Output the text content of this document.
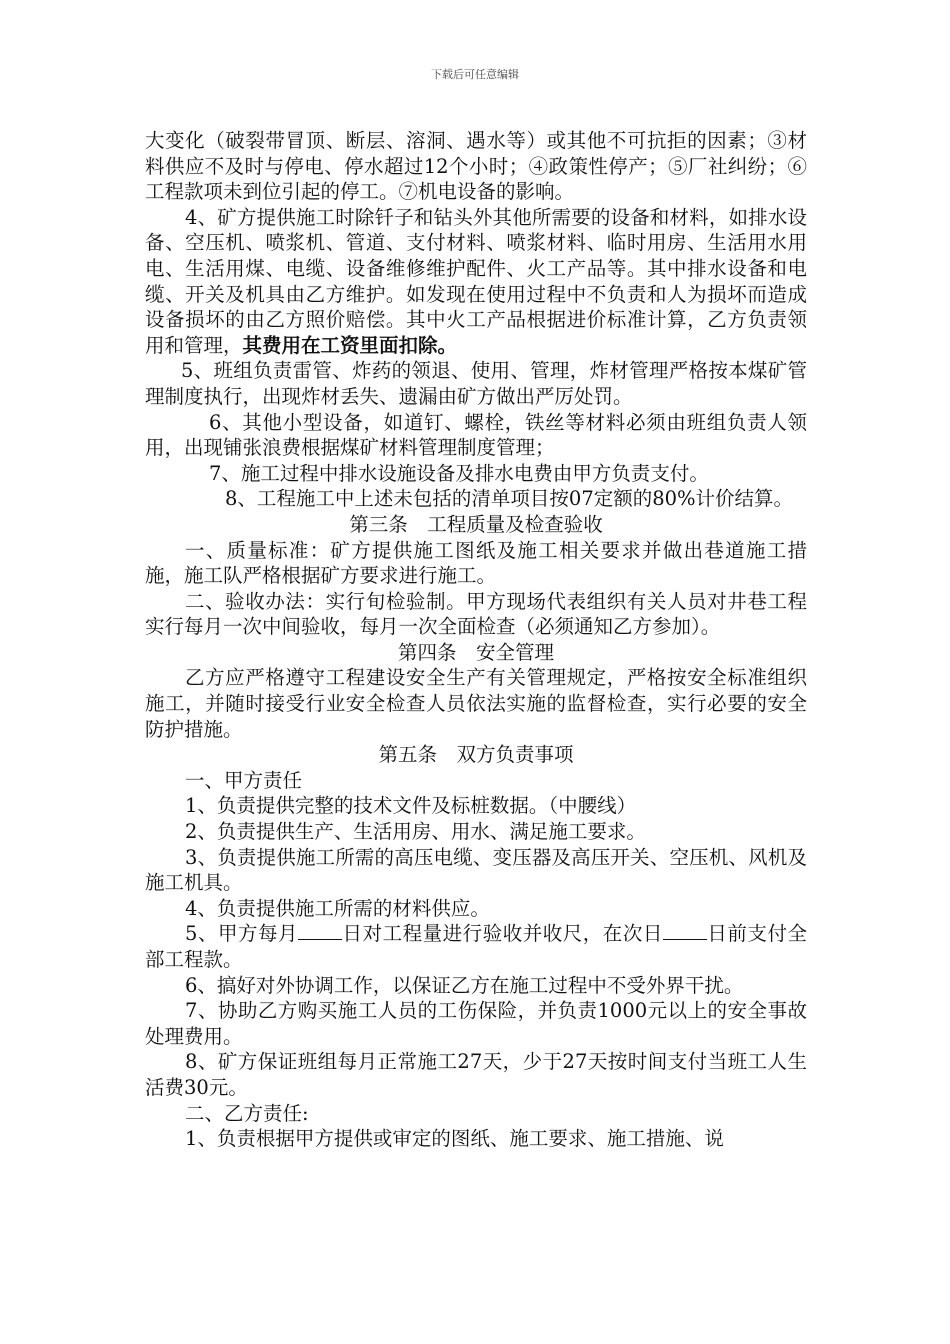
下载后可任意编辑

大变化（破裂带冒顶、断层、溶洞、遇水等）或其他不可抗拒的因素；③材料供应不及时与停电、停水超过12个小时；④政策性停产；⑤厂社纠纷；⑥工程款项未到位引起的停工。⑦机电设备的影响。

4、矿方提供施工时除钎子和钻头外其他所需要的设备和材料，如排水设备、空压机、喷浆机、管道、支付材料、喷浆材料、临时用房、生活用水用电、生活用煤、电缆、设备维修维护配件、火工产品等。其中排水设备和电缆、开关及机具由乙方维护。如发现在使用过程中不负责和人为损坏而造成设备损坏的由乙方照价赔偿。其中火工产品根据进价标准计算，乙方负责领用和管理，其费用在工资里面扣除。

5、班组负责雷管、炸药的领退、使用、管理，炸材管理严格按本煤矿管理制度执行，出现炸材丢失、遗漏由矿方做出严厉处罚。

6、其他小型设备，如道钉、螺栓，铁丝等材料必须由班组负责人领用，出现铺张浪费根据煤矿材料管理制度管理；

7、施工过程中排水设施设备及排水电费由甲方负责支付。

8、工程施工中上述未包括的清单项目按07定额的80%计价结算。

第三条　工程质量及检查验收

一、质量标准：矿方提供施工图纸及施工相关要求并做出巷道施工措施，施工队严格根据矿方要求进行施工。

二、验收办法：实行旬检验制。甲方现场代表组织有关人员对井巷工程实行每月一次中间验收，每月一次全面检查（必须通知乙方参加）。

第四条　安全管理

乙方应严格遵守工程建设安全生产有关管理规定，严格按安全标准组织施工，并随时接受行业安全检查人员依法实施的监督检查，实行必要的安全防护措施。

第五条　双方负责事项

一、甲方责任

1、负责提供完整的技术文件及标桩数据。（中腰线）

2、负责提供生产、生活用房、用水、满足施工要求。

3、负责提供施工所需的高压电缆、变压器及高压开关、空压机、风机及施工机具。

4、负责提供施工所需的材料供应。

5、甲方每月 日对工程量进行验收并收尺，在次日 日前支付全部工程款。

6、搞好对外协调工作，以保证乙方在施工过程中不受外界干扰。

7、协助乙方购买施工人员的工伤保险，并负责1000元以上的安全事故处理费用。

8、矿方保证班组每月正常施工27天，少于27天按时间支付当班工人生活费30元。

二、乙方责任:

1、负责根据甲方提供或审定的图纸、施工要求、施工措施、说
